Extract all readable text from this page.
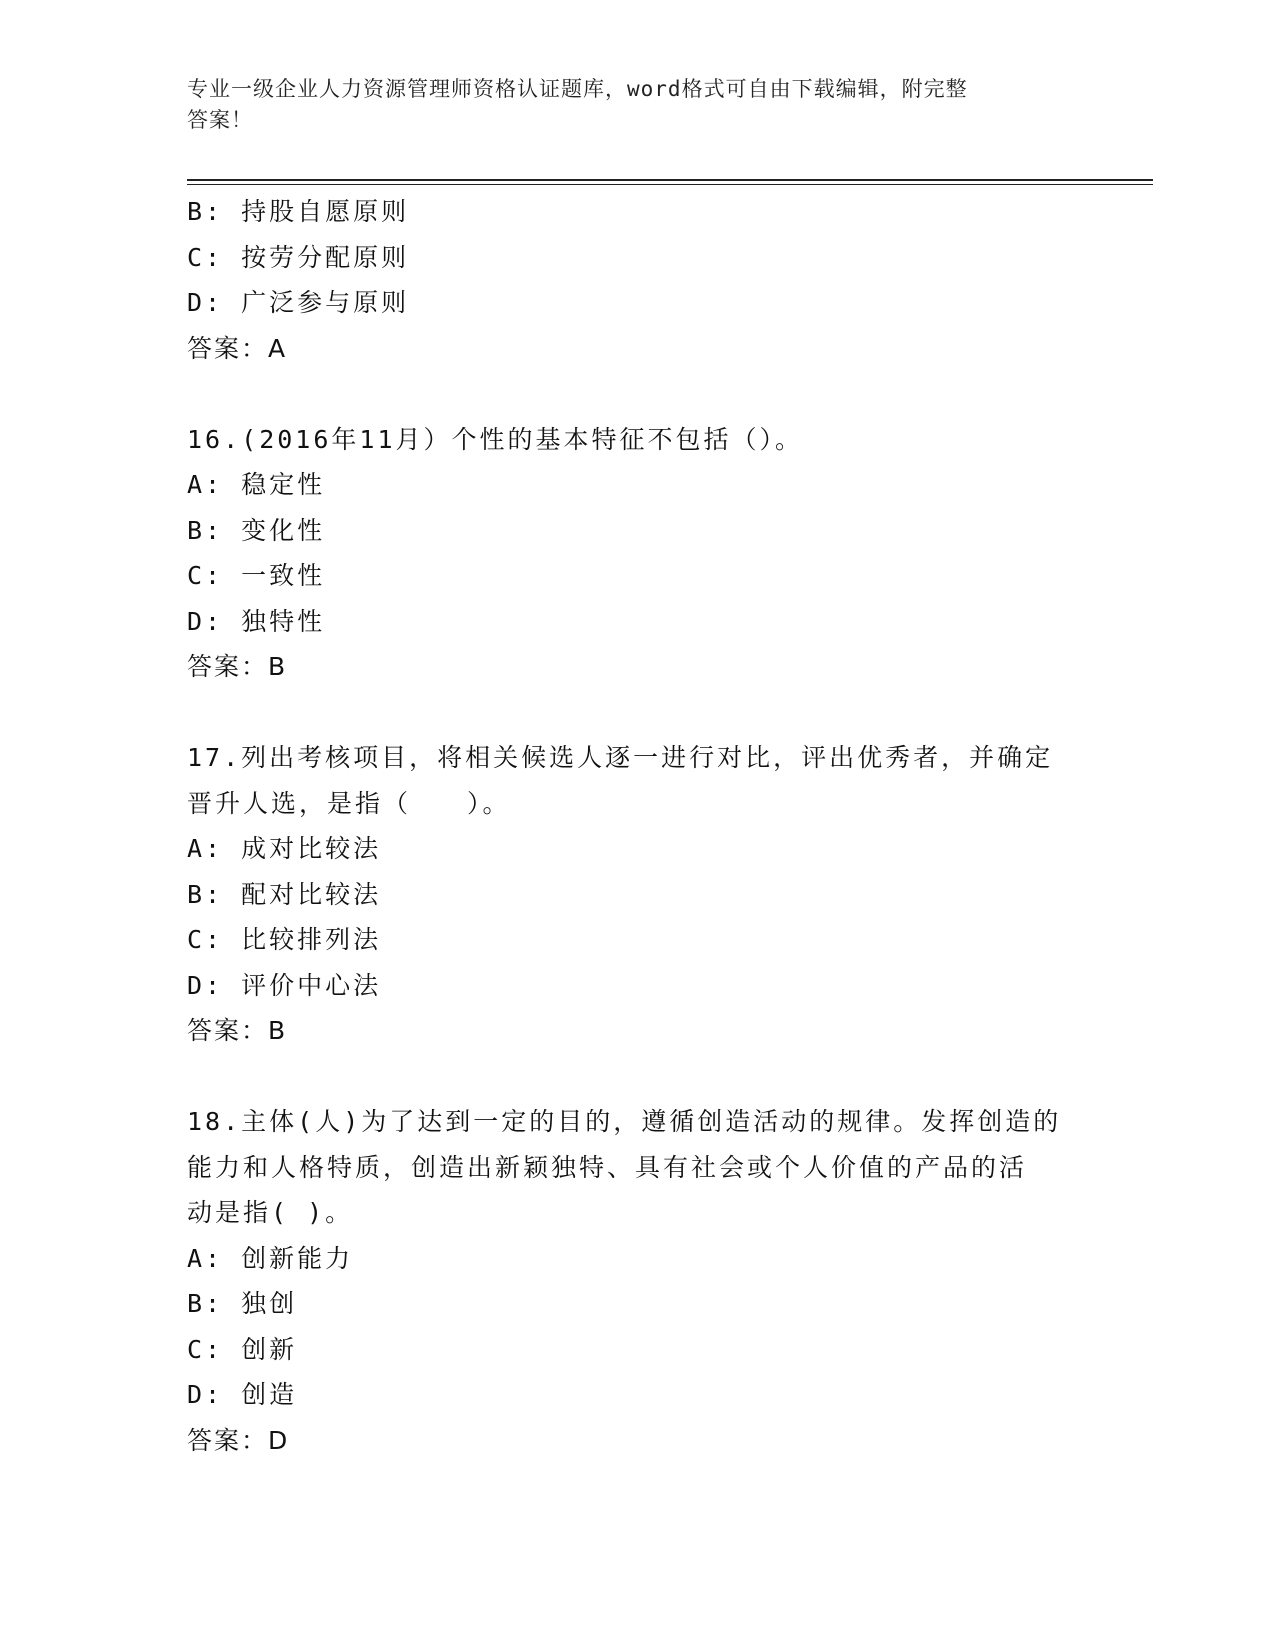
专业一级企业人力资源管理师资格认证题库，word格式可自由下载编辑，附完整
答案！
B: 持股自愿原则
C: 按劳分配原则
D: 广泛参与原则
答案：A
16.(2016年11月）个性的基本特征不包括（）。
A: 稳定性
B: 变化性
C: 一致性
D: 独特性
答案：B
17.列出考核项目，将相关候选人逐一进行对比，评出优秀者，并确定
晋升人选，是指（　　）。
A: 成对比较法
B: 配对比较法
C: 比较排列法
D: 评价中心法
答案：B
18.主体(人)为了达到一定的目的，遵循创造活动的规律。发挥创造的
能力和人格特质，创造出新颖独特、具有社会或个人价值的产品的活
动是指( )。
A: 创新能力
B: 独创
C: 创新
D: 创造
答案：D
